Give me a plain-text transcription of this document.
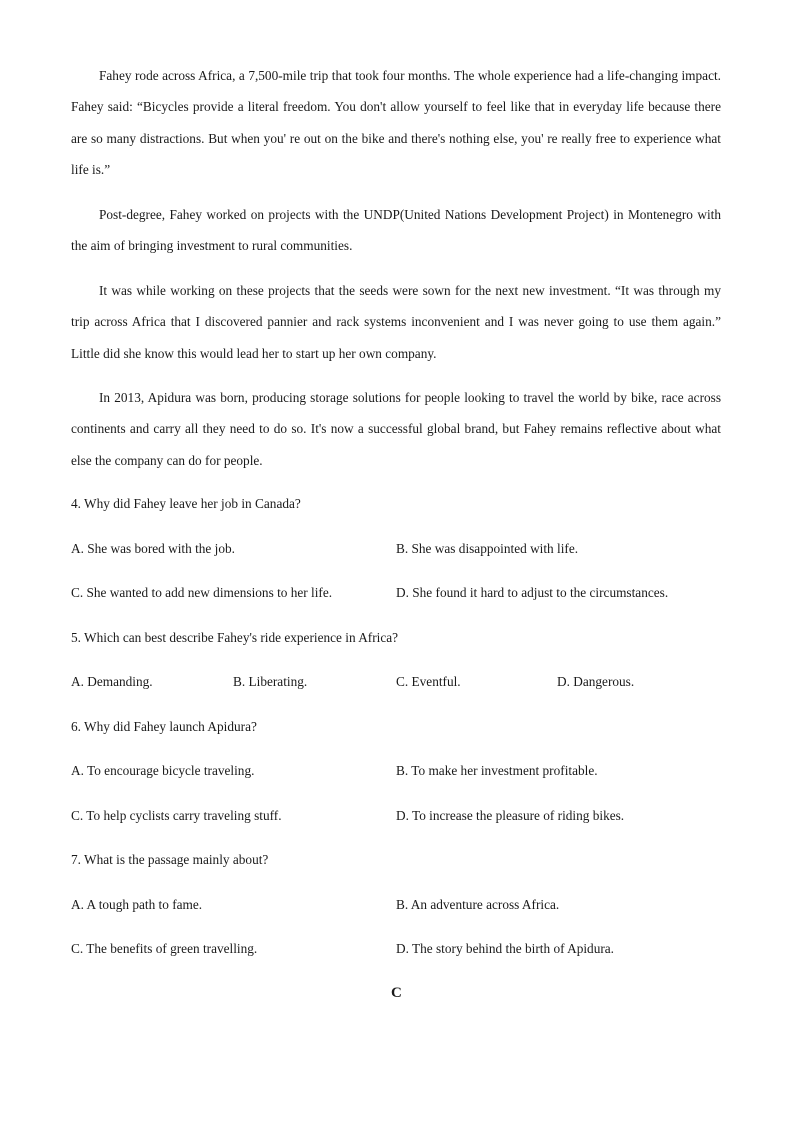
Fahey rode across Africa, a 7,500-mile trip that took four months. The whole experience had a life-changing impact. Fahey said: “Bicycles provide a literal freedom. You don't allow yourself to feel like that in everyday life because there are so many distractions. But when you' re out on the bike and there's nothing else, you' re really free to experience what life is.”

Post-degree, Fahey worked on projects with the UNDP(United Nations Development Project) in Montenegro with the aim of bringing investment to rural communities.

It was while working on these projects that the seeds were sown for the next new investment. “It was through my trip across Africa that I discovered pannier and rack systems inconvenient and I was never going to use them again.” Little did she know this would lead her to start up her own company.

In 2013, Apidura was born, producing storage solutions for people looking to travel the world by bike, race across continents and carry all they need to do so. It's now a successful global brand, but Fahey remains reflective about what else the company can do for people.

4. Why did Fahey leave her job in Canada?

A. She was bored with the job.	B. She was disappointed with life.

C. She wanted to add new dimensions to her life.	D. She found it hard to adjust to the circumstances.

5. Which can best describe Fahey's ride experience in Africa?

A. Demanding.	B. Liberating.	C. Eventful.	D. Dangerous.

6. Why did Fahey launch Apidura?

A. To encourage bicycle traveling.	B. To make her investment profitable.

C. To help cyclists carry traveling stuff.	D. To increase the pleasure of riding bikes.

7. What is the passage mainly about?

A. A tough path to fame.	B. An adventure across Africa.

C. The benefits of green travelling.	D. The story behind the birth of Apidura.

C
